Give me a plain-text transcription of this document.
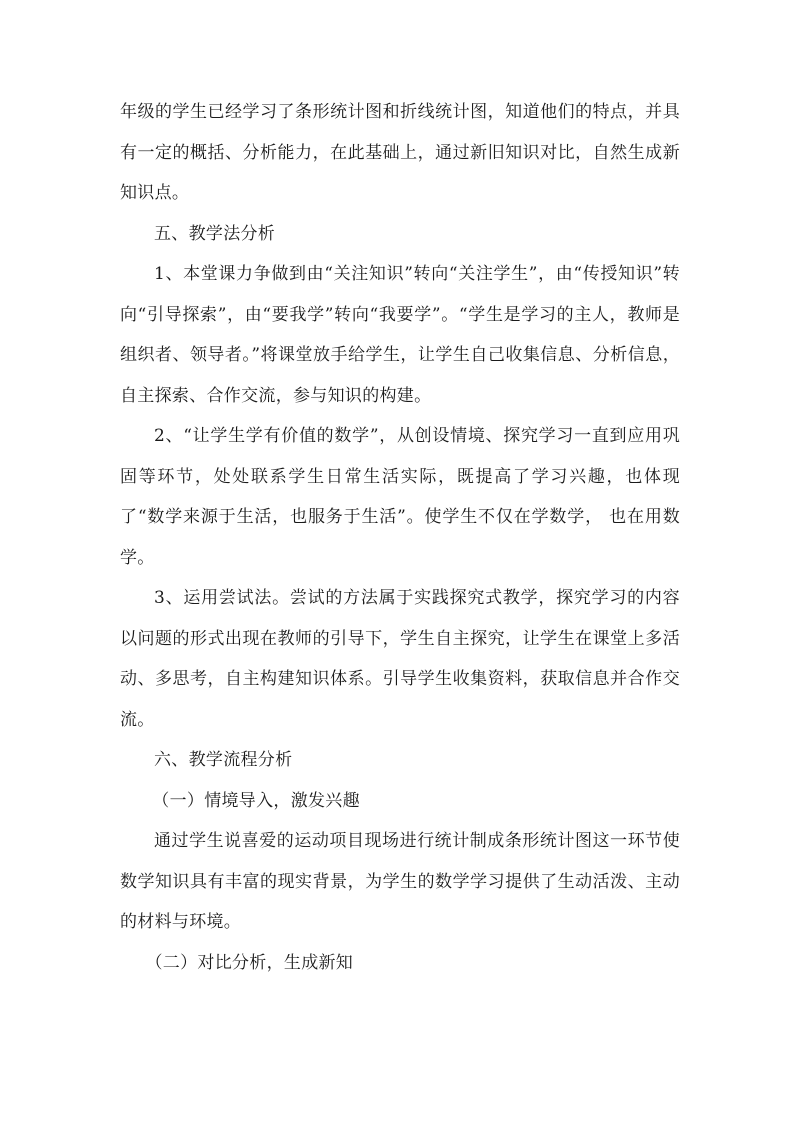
年级的学生已经学习了条形统计图和折线统计图，知道他们的特点，并具有一定的概括、分析能力，在此基础上，通过新旧知识对比，自然生成新知识点。

五、教学法分析

1、本堂课力争做到由“关注知识”转向“关注学生”，由“传授知识”转向“引导探索”，由“要我学”转向“我要学”。“学生是学习的主人，教师是组织者、领导者。”将课堂放手给学生，让学生自己收集信息、分析信息，自主探索、合作交流，参与知识的构建。

2、“让学生学有价值的数学”，从创设情境、探究学习一直到应用巩固等环节，处处联系学生日常生活实际，既提高了学习兴趣，也体现了“数学来源于生活，也服务于生活”。使学生不仅在学数学， 也在用数学。

3、运用尝试法。尝试的方法属于实践探究式教学，探究学习的内容以问题的形式出现在教师的引导下，学生自主探究，让学生在课堂上多活动、多思考，自主构建知识体系。引导学生收集资料，获取信息并合作交流。

六、教学流程分析

（一）情境导入，激发兴趣

通过学生说喜爱的运动项目现场进行统计制成条形统计图这一环节使数学知识具有丰富的现实背景，为学生的数学学习提供了生动活泼、主动的材料与环境。

（二）对比分析，生成新知
